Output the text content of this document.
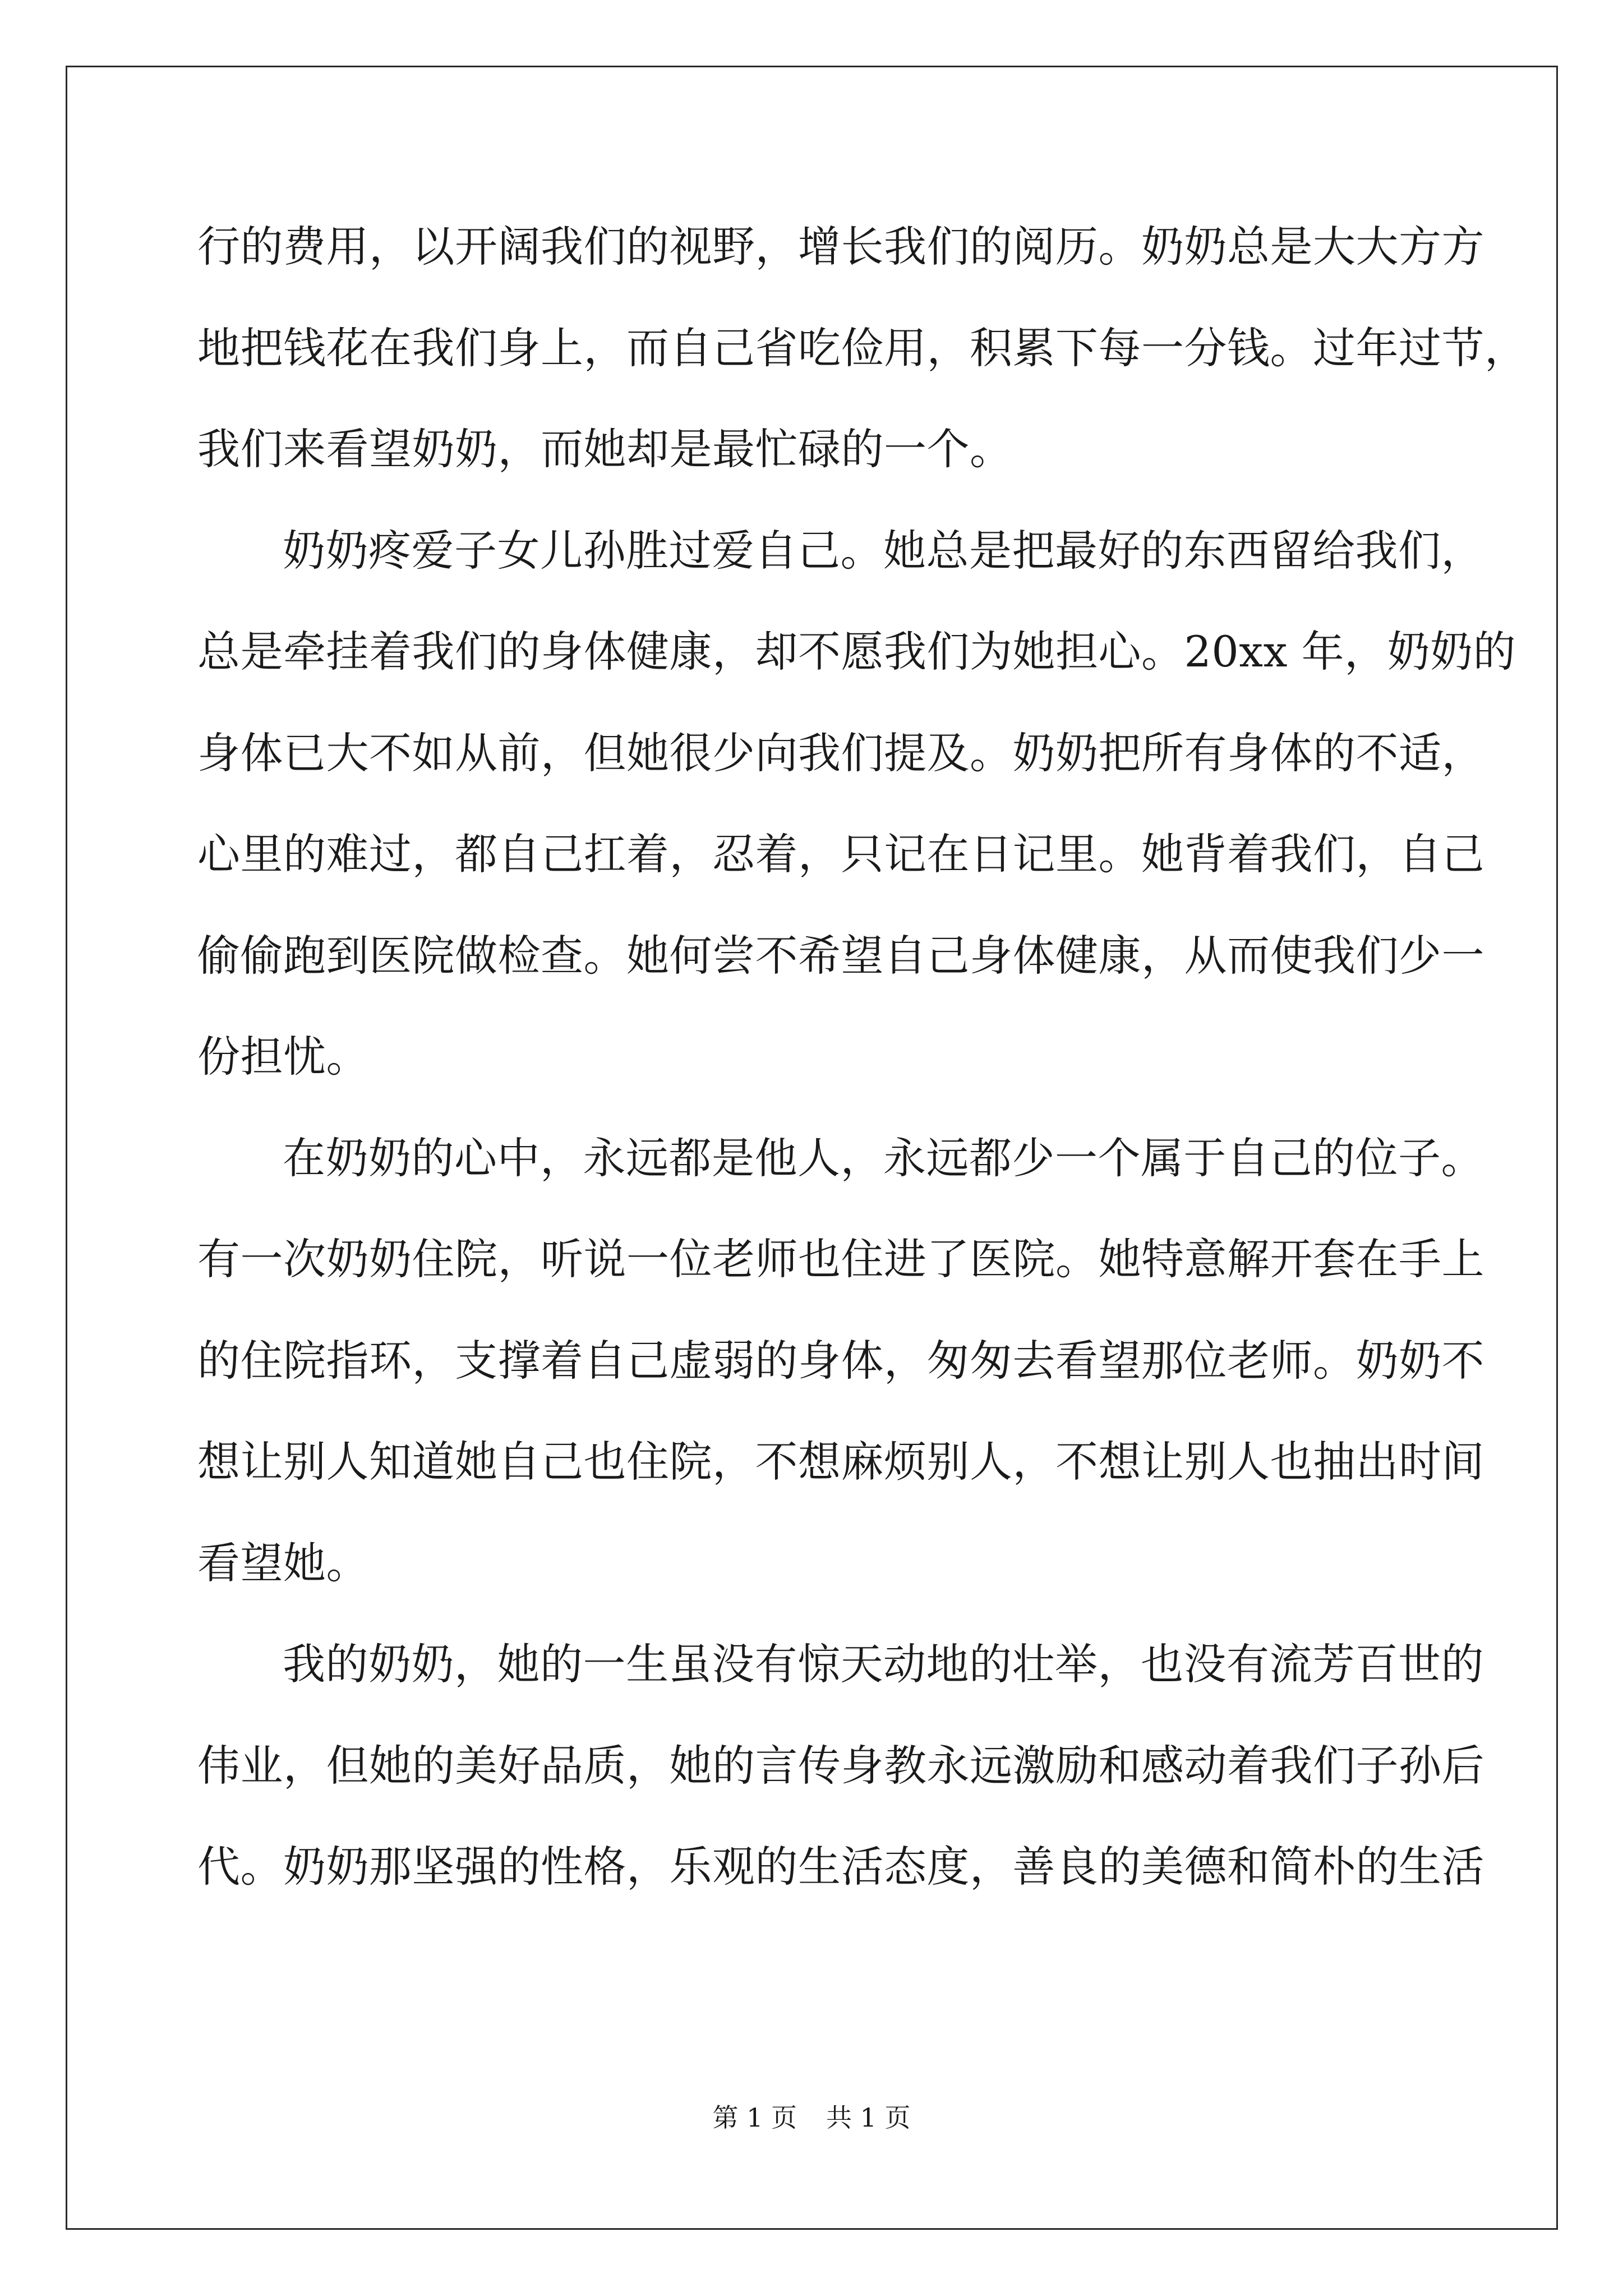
行的费用，以开阔我们的视野，增长我们的阅历。奶奶总是大大方方
地把钱花在我们身上，而自己省吃俭用，积累下每一分钱。过年过节，
我们来看望奶奶，而她却是最忙碌的一个。
奶奶疼爱子女儿孙胜过爱自己。她总是把最好的东西留给我们，
总是牵挂着我们的身体健康，却不愿我们为她担心。20xx 年，奶奶的
身体已大不如从前，但她很少向我们提及。奶奶把所有身体的不适，
心里的难过，都自己扛着，忍着，只记在日记里。她背着我们，自己
偷偷跑到医院做检查。她何尝不希望自己身体健康，从而使我们少一
份担忧。
在奶奶的心中，永远都是他人，永远都少一个属于自己的位子。
有一次奶奶住院，听说一位老师也住进了医院。她特意解开套在手上
的住院指环，支撑着自己虚弱的身体，匆匆去看望那位老师。奶奶不
想让别人知道她自己也住院，不想麻烦别人，不想让别人也抽出时间
看望她。
我的奶奶，她的一生虽没有惊天动地的壮举，也没有流芳百世的
伟业，但她的美好品质，她的言传身教永远激励和感动着我们子孙后
代。奶奶那坚强的性格，乐观的生活态度，善良的美德和简朴的生活
第 1 页 共 1 页
